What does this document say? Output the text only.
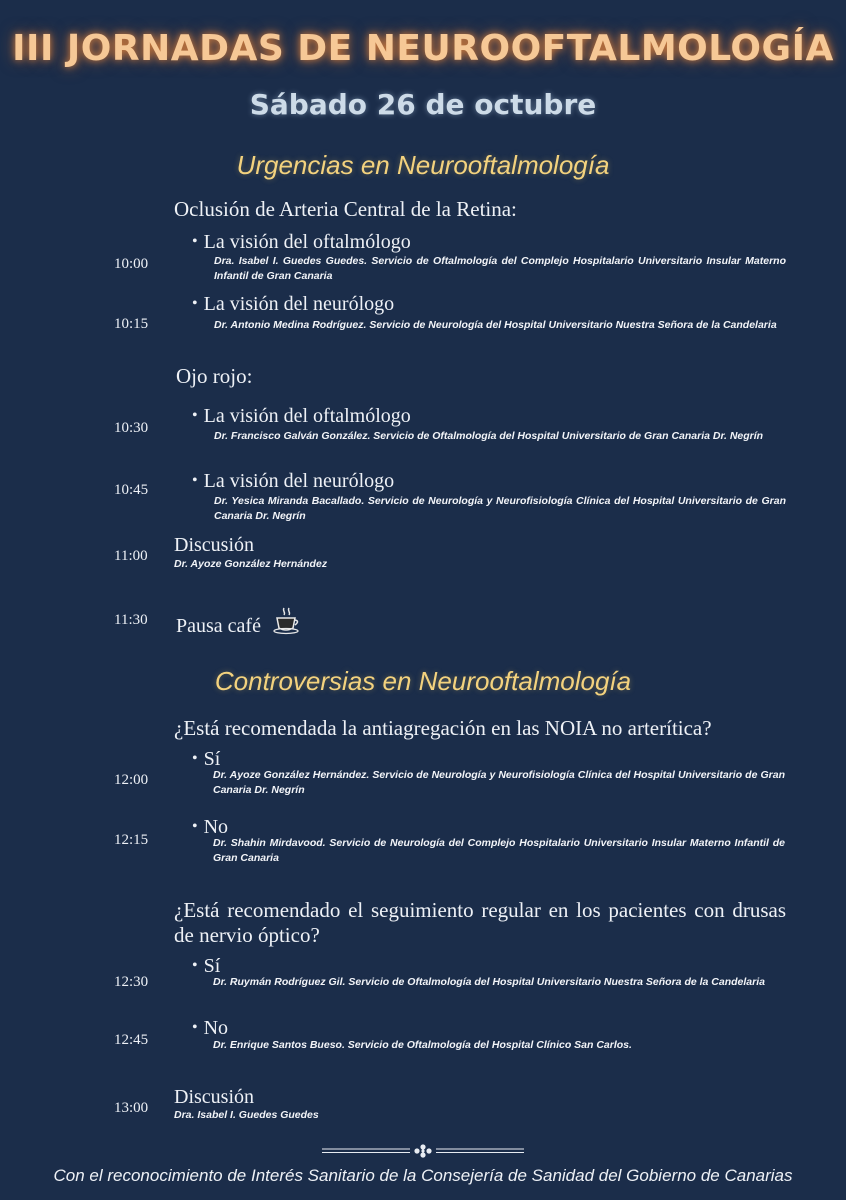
III JORNADAS DE NEUROOFTALMOLOGÍA
Sábado 26 de octubre
Urgencias en Neurooftalmología
Oclusión de Arteria Central de la Retina:
10:00
• La visión del oftalmólogo
Dra. Isabel I. Guedes Guedes. Servicio de Oftalmología del Complejo Hospitalario Universitario Insular Materno Infantil de Gran Canaria
10:15
• La visión del neurólogo
Dr. Antonio Medina Rodríguez. Servicio de Neurología del Hospital Universitario Nuestra Señora de la Candelaria
Ojo rojo:
10:30
• La visión del oftalmólogo
Dr. Francisco Galván González. Servicio de Oftalmología del Hospital Universitario de Gran Canaria Dr. Negrín
10:45
• La visión del neurólogo
Dr. Yesica Miranda Bacallado. Servicio de Neurología y Neurofisiología Clínica del Hospital Universitario de Gran Canaria Dr. Negrín
11:00 Discusión
Dr. Ayoze González Hernández
11:30 Pausa café
Controversias en Neurooftalmología
¿Está recomendada la antiagregación en las NOIA no arterítica?
12:00
• Sí
Dr. Ayoze González Hernández. Servicio de Neurología y Neurofisiología Clínica del Hospital Universitario de Gran Canaria Dr. Negrín
12:15
• No
Dr. Shahin Mirdavood. Servicio de Neurología del Complejo Hospitalario Universitario Insular Materno Infantil de Gran Canaria
¿Está recomendado el seguimiento regular en los pacientes con drusas de nervio óptico?
12:30
• Sí
Dr. Ruymán Rodríguez Gil. Servicio de Oftalmología del Hospital Universitario Nuestra Señora de la Candelaria
12:45
• No
Dr. Enrique Santos Bueso. Servicio de Oftalmología del Hospital Clínico San Carlos.
13:00 Discusión
Dra. Isabel I. Guedes Guedes
Con el reconocimiento de Interés Sanitario de la Consejería de Sanidad del Gobierno de Canarias
